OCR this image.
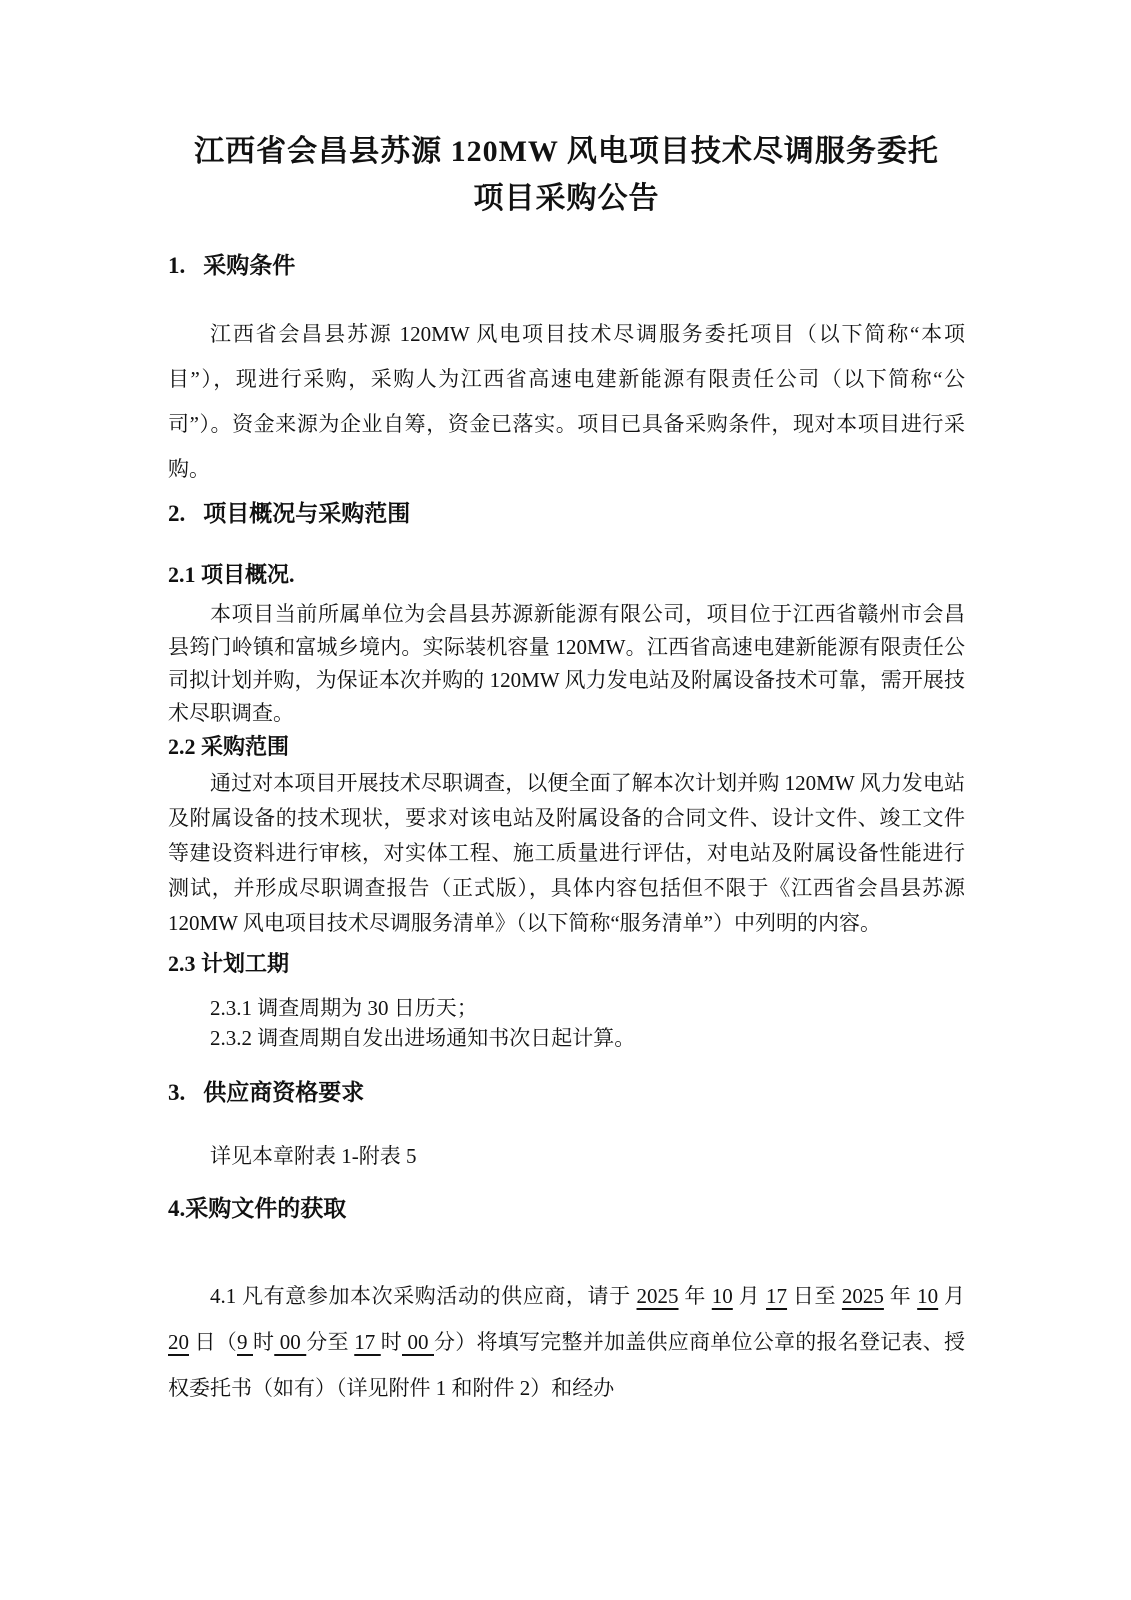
江西省会昌县苏源 120MW 风电项目技术尽调服务委托
项目采购公告
1. 采购条件

江西省会昌县苏源 120MW 风电项目技术尽调服务委托项目（以下简称“本项目”），现进行采购，采购人为江西省高速电建新能源有限责任公司（以下简称“公司”）。资金来源为企业自筹，资金已落实。项目已具备采购条件，现对本项目进行采购。

2. 项目概况与采购范围
2.1 项目概况.

本项目当前所属单位为会昌县苏源新能源有限公司，项目位于江西省赣州市会昌县筠门岭镇和富城乡境内。实际装机容量 120MW。江西省高速电建新能源有限责任公司拟计划并购，为保证本次并购的 120MW 风力发电站及附属设备技术可靠，需开展技术尽职调查。

2.2 采购范围

通过对本项目开展技术尽职调查，以便全面了解本次计划并购 120MW 风力发电站及附属设备的技术现状，要求对该电站及附属设备的合同文件、设计文件、竣工文件等建设资料进行审核，对实体工程、施工质量进行评估，对电站及附属设备性能进行测试，并形成尽职调查报告（正式版），具体内容包括但不限于《江西省会昌县苏源 120MW 风电项目技术尽调服务清单》（以下简称“服务清单”）中列明的内容。

2.3 计划工期
2.3.1 调查周期为 30 日历天；
2.3.2 调查周期自发出进场通知书次日起计算。
3. 供应商资格要求

详见本章附表 1-附表 5

4.采购文件的获取

4.1 凡有意参加本次采购活动的供应商，请于 2025 年 10 月 17 日至 2025 年 10 月 20 日（9 时 00 分至 17 时 00 分）将填写完整并加盖供应商单位公章的报名登记表、授权委托书（如有）（详见附件 1 和附件 2）和经办
